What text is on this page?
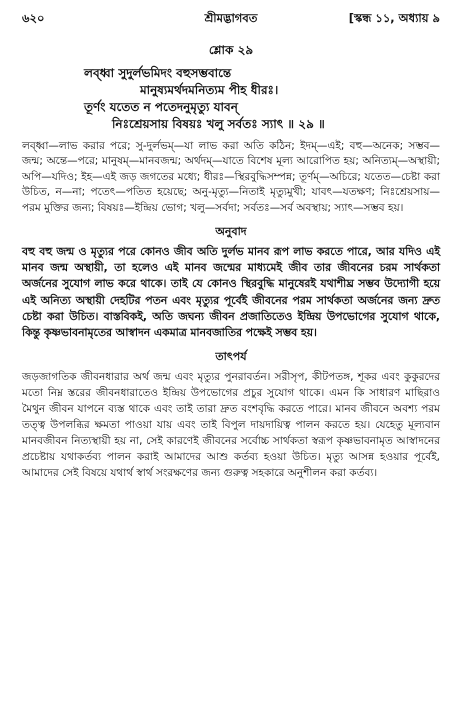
৬২০	শ্রীমদ্ভাগবত	[স্কন্ধ ১১, অধ্যায় ৯
শ্লোক ২৯
লব্ধ্বা সুদুর্লভমিদং বহুসম্ভবান্তে
মানুষ্যমর্থদমনিত্যম পীহ ধীরঃ।
তূর্ণং যতেত ন পতেদনুমৃত্যু যাবন্
নিঃশ্রেয়সায় বিষয়ঃ খলু সর্বতঃ স্যাৎ ॥ ২৯ ॥
লব্ধ্বা—লাভ করার পরে; সু-দুর্লভম্—যা লাভ করা অতি কঠিন; ইদম্—এই; বহু—অনেক; সম্ভব—জন্ম; অন্তে—পরে; মানুষম্—মানবজন্ম; অর্থদম্—যাতে বিশেষ মূল্য আরোপিত হয়; অনিত্যম্—অস্থায়ী; অপি—যদিও; ইহ—এই জড় জগতের মধ্যে; ধীরঃ—স্থিরবুদ্ধিসম্পন্ন; তূর্ণম্—অচিরে; যতেত—চেষ্টা করা উচিত, ন—না; পতেৎ—পতিত হয়েছে; অনু-মৃত্যু—নিতাই মৃত্যুমুখী; যাবৎ—যতক্ষণ; নিঃশ্রেয়সায়—পরম মুক্তির জন্য; বিষয়ঃ—ইন্দ্রিয় ভোগ; খলু—সর্বদা; সর্বতঃ—সর্ব অবস্থায়; স্যাৎ—সম্ভব হয়।
অনুবাদ
বহু বহু জন্ম ও মৃত্যুর পরে কোনও জীব অতি দুর্লভ মানব রূপ লাভ করতে পারে, আর যদিও এই মানব জন্ম অস্থায়ী, তা হলেও এই মানব জন্মের মাধ্যমেই জীব তার জীবনের চরম সার্থকতা অর্জনের সুযোগ লাভ করে থাকে। তাই যে কোনও স্থিরবুদ্ধি মানুষেরই যথাশীঘ্র সম্ভব উদ্যোগী হয়ে এই অনিত্য অস্থায়ী দেহটির পতন এবং মৃত্যুর পূর্বেই জীবনের পরম সার্থকতা অর্জনের জন্য দ্রুত চেষ্টা করা উচিত। বাস্তবিকই, অতি জঘন্য জীবন প্রজাতিতেও ইন্দ্রিয় উপভোগের সুযোগ থাকে, কিন্তু কৃষ্ণভাবনামৃতের আস্বাদন একমাত্র মানবজাতির পক্ষেই সম্ভব হয়।
তাৎপর্য
জড়জাগতিক জীবনধারার অর্থ জন্ম এবং মৃত্যুর পুনরাবর্তন। সরীসৃপ, কীটপতঙ্গ, শূকর এবং কুকুরদের মতো নিম্ন স্তরের জীবনধারাতেও ইন্দ্রিয় উপভোগের প্রচুর সুযোগ থাকে। এমন কি সাধারণ মাছিরাও মৈথুন জীবন যাপনে ব্যস্ত থাকে এবং তাই তারা দ্রুত বংশবৃদ্ধি করতে পারে। মানব জীবনে অবশ্য পরম তত্ত্ব উপলব্ধির ক্ষমতা পাওয়া যায় এবং তাই বিপুল দায়দায়িত্ব পালন করতে হয়। যেহেতু মূল্যবান মানবজীবন নিত্যস্থায়ী হয় না, সেই কারণেই জীবনের সর্বোচ্চ সার্থকতা স্বরূপ কৃষ্ণভাবনামৃত আস্বাদনের প্রচেষ্টায় যথাকর্তব্য পালন করাই আমাদের আশু কর্তব্য হওয়া উচিত। মৃত্যু আসন্ন হওয়ার পূর্বেই, আমাদের সেই বিষয়ে যথার্থ স্বার্থ সংরক্ষণের জন্য গুরুত্ব সহকারে অনুশীলন করা কর্তব্য।
